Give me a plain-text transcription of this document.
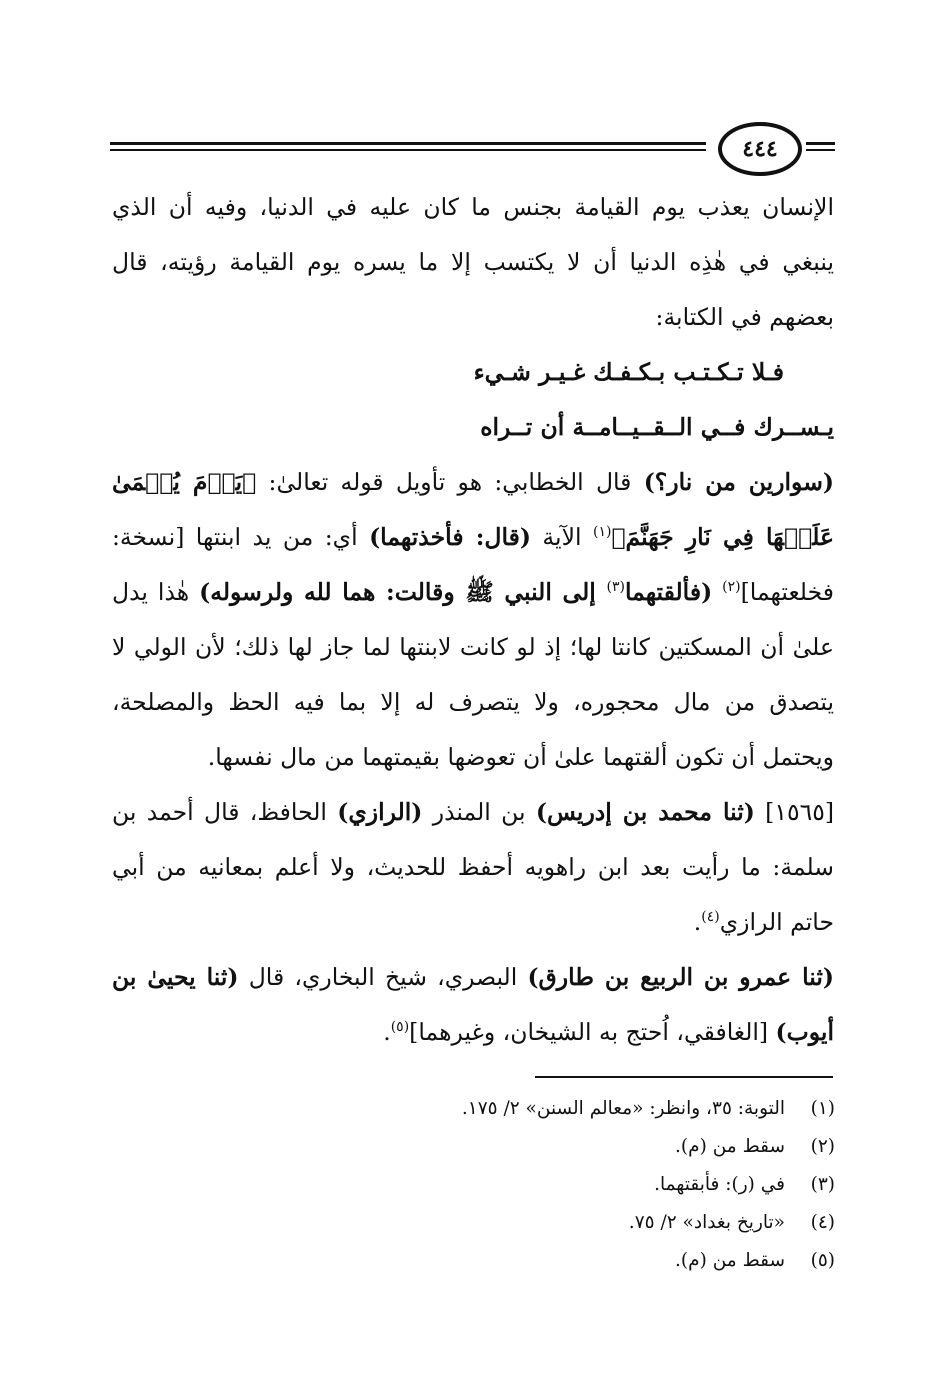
٤٤٤

الإنسان يعذب يوم القيامة بجنس ما كان عليه في الدنيا، وفيه أن الذي ينبغي في هٰذِه الدنيا أن لا يكتسب إلا ما يسره يوم القيامة رؤيته، قال بعضهم في الكتابة:

فـلا تـكـتـب بـكـفـك غـيـر شـيء

يـســرك فــي الــقــيــامــة أن تــراه

(سوارين من نار؟) قال الخطابي: هو تأويل قوله تعالىٰ: ﴿يَوۡمَ يُحۡمَىٰ عَلَيۡهَا فِي نَارِ جَهَنَّمَ﴾$^{(١)}$ الآية (قال: فأخذتهما) أي: من يد ابنتها [نسخة: فخلعتهما]$^{(٢)}$ (فألقتهما$^{(٣)}$ إلى النبي ﷺ وقالت: هما لله ولرسوله) هٰذا يدل علىٰ أن المسكتين كانتا لها؛ إذ لو كانت لابنتها لما جاز لها ذلك؛ لأن الولي لا يتصدق من مال محجوره، ولا يتصرف له إلا بما فيه الحظ والمصلحة، ويحتمل أن تكون ألقتهما علىٰ أن تعوضها بقيمتهما من مال نفسها.

[١٥٦٥] (ثنا محمد بن إدريس) بن المنذر (الرازي) الحافظ، قال أحمد بن سلمة: ما رأيت بعد ابن راهويه أحفظ للحديث، ولا أعلم بمعانيه من أبي حاتم الرازي$^{(٤)}$.

(ثنا عمرو بن الربيع بن طارق) البصري، شيخ البخاري، قال (ثنا يحيىٰ بن أيوب) [الغافقي، اُحتج به الشيخان، وغيرهما]$^{(٥)}$.

(١)
التوبة: ٣٥، وانظر: «معالم السنن» ٢/ ١٧٥.
(٢)
سقط من (م).
(٣)
في (ر): فأبقتهما.
(٤)
«تاريخ بغداد» ٢/ ٧٥.
(٥)
سقط من (م).
